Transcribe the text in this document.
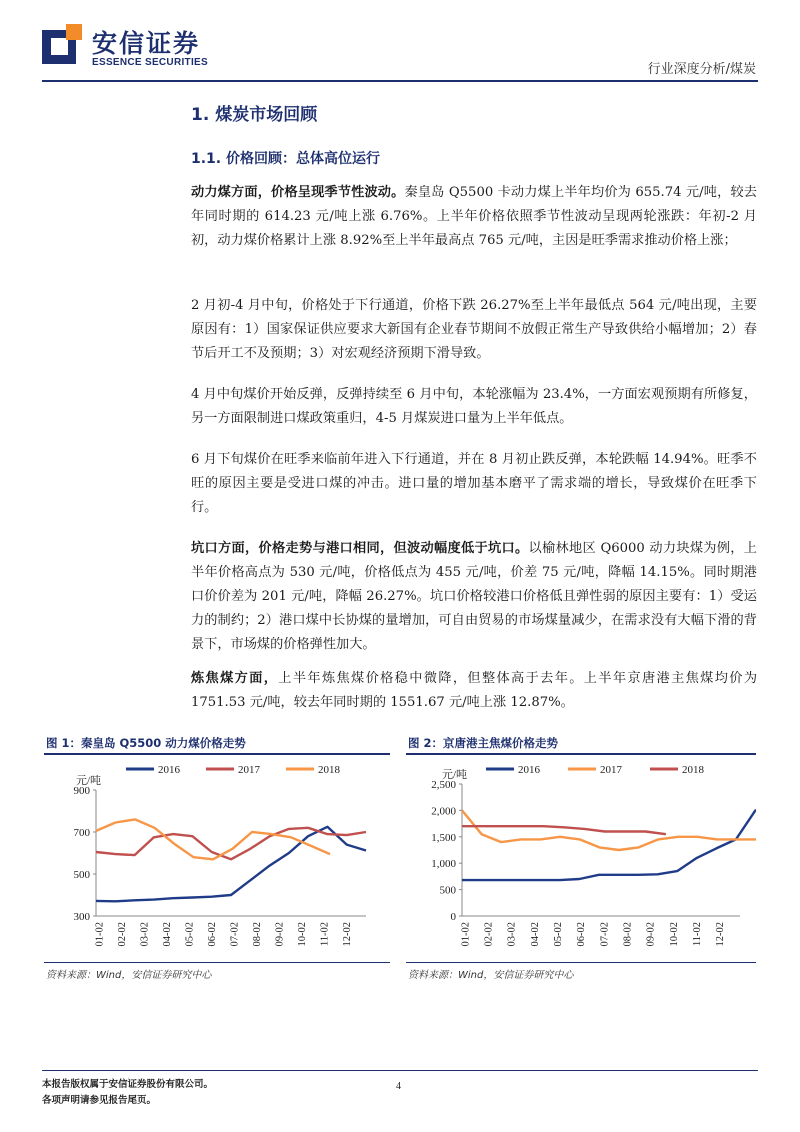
安信证券
ESSENCE SECURITIES	行业深度分析/煤炭
1. 煤炭市场回顾
1.1. 价格回顾：总体高位运行

动力煤方面，价格呈现季节性波动。秦皇岛 Q5500 卡动力煤上半年均价为 655.74 元/吨，较去年同时期的 614.23 元/吨上涨 6.76%。上半年价格依照季节性波动呈现两轮涨跌：年初-2 月初，动力煤价格累计上涨 8.92%至上半年最高点 765 元/吨，主因是旺季需求推动价格上涨；

2 月初-4 月中旬，价格处于下行通道，价格下跌 26.27%至上半年最低点 564 元/吨出现，主要原因有：1）国家保证供应要求大新国有企业春节期间不放假正常生产导致供给小幅增加；2）春节后开工不及预期；3）对宏观经济预期下滑导致。

4 月中旬煤价开始反弹，反弹持续至 6 月中旬，本轮涨幅为 23.4%，一方面宏观预期有所修复，另一方面限制进口煤政策重归，4-5 月煤炭进口量为上半年低点。

6 月下旬煤价在旺季来临前年进入下行通道，并在 8 月初止跌反弹，本轮跌幅 14.94%。旺季不旺的原因主要是受进口煤的冲击。进口量的增加基本磨平了需求端的增长，导致煤价在旺季下行。

坑口方面，价格走势与港口相同，但波动幅度低于坑口。以榆林地区 Q6000 动力块煤为例，上半年价格高点为 530 元/吨，价格低点为 455 元/吨，价差 75 元/吨，降幅 14.15%。同时期港口价价差为 201 元/吨，降幅 26.27%。坑口价格较港口价格低且弹性弱的原因主要有：1）受运力的制约；2）港口煤中长协煤的量增加，可自由贸易的市场煤量减少，在需求没有大幅下滑的背景下，市场煤的价格弹性加大。

炼焦煤方面，上半年炼焦煤价格稳中微降，但整体高于去年。上半年京唐港主焦煤均价为 1751.53 元/吨，较去年同时期的 1551.67 元/吨上涨 12.87%。

图 1：秦皇岛 Q5500 动力煤价格走势	图 2：京唐港主焦煤价格走势
300
500
700
900
元/吨
01-02 02-02 03-02 04-02 05-02 06-02 07-02 08-02 09-02 10-02 11-02 12-02
2016	2017	2018
0
500
1,000
1,500
2,000
2,500
元/吨
01-02 02-02 03-02 04-02 05-02 06-02 07-02 08-02 09-02 10-02 11-02 12-02
2016	2017	2018
资料来源：Wind，安信证券研究中心	资料来源：Wind，安信证券研究中心
本报告版权属于安信证券股份有限公司。
各项声明请参见报告尾页。
4
